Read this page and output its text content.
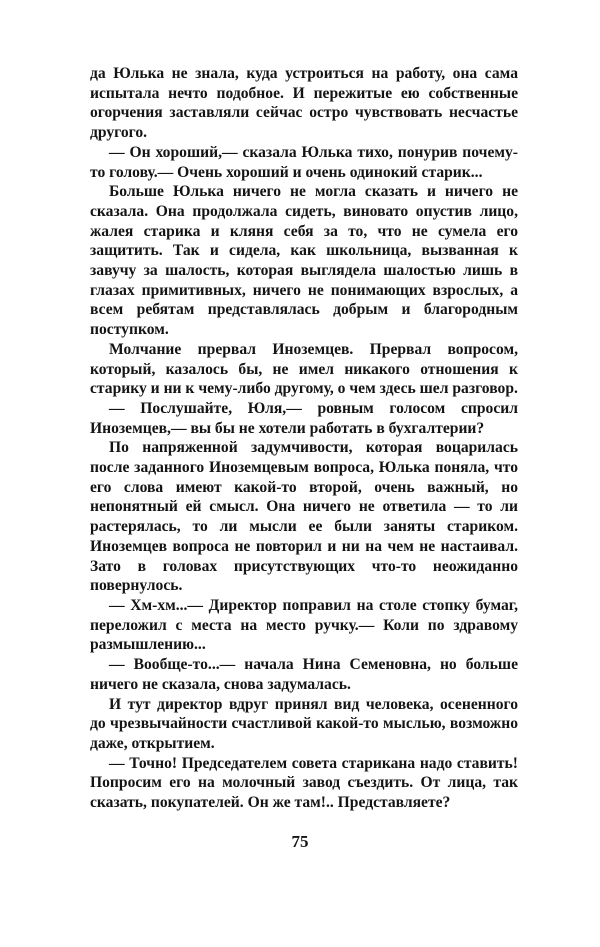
да Юлька не знала, куда устроиться на работу, она сама испытала нечто подобное. И пережитые ею собственные огорчения заставляли сейчас остро чувствовать несчастье другого.

— Он хороший,— сказала Юлька тихо, понурив почему-то голову.— Очень хороший и очень одинокий старик...

Больше Юлька ничего не могла сказать и ничего не сказала. Она продолжала сидеть, виновато опустив лицо, жалея старика и кляня себя за то, что не сумела его защитить. Так и сидела, как школьница, вызванная к завучу за шалость, которая выглядела шалостью лишь в глазах примитивных, ничего не понимающих взрослых, а всем ребятам представлялась добрым и благородным поступком.

Молчание прервал Иноземцев. Прервал вопросом, который, казалось бы, не имел никакого отношения к старику и ни к чему-либо другому, о чем здесь шел разговор.

— Послушайте, Юля,— ровным голосом спросил Иноземцев,— вы бы не хотели работать в бухгалтерии?

По напряженной задумчивости, которая воцарилась после заданного Иноземцевым вопроса, Юлька поняла, что его слова имеют какой-то второй, очень важный, но непонятный ей смысл. Она ничего не ответила — то ли растерялась, то ли мысли ее были заняты стариком. Иноземцев вопроса не повторил и ни на чем не настаивал. Зато в головах присутствующих что-то неожиданно повернулось.

— Хм-хм...— Директор поправил на столе стопку бумаг, переложил с места на место ручку.— Коли по здравому размышлению...

— Вообще-то...— начала Нина Семеновна, но больше ничего не сказала, снова задумалась.

И тут директор вдруг принял вид человека, осененного до чрезвычайности счастливой какой-то мыслью, возможно даже, открытием.

— Точно! Председателем совета старикана надо ставить! Попросим его на молочный завод съездить. От лица, так сказать, покупателей. Он же там!.. Представляете?

75
